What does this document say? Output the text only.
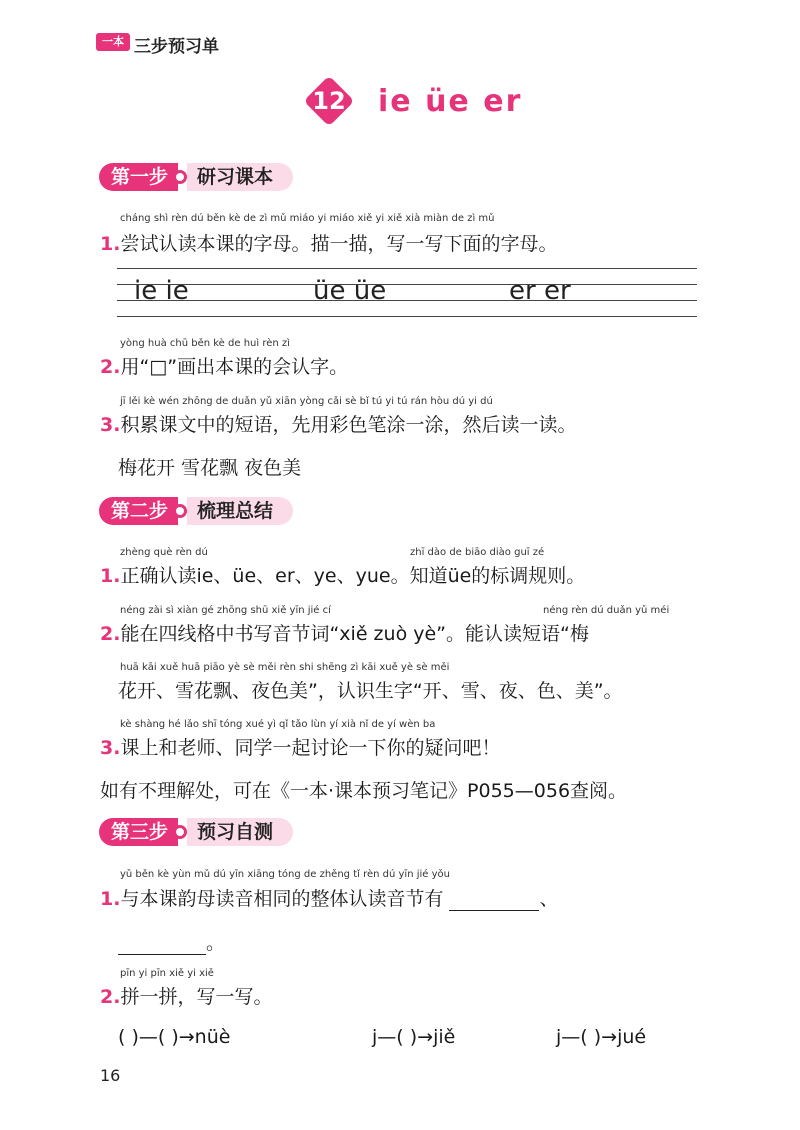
一本 三步预习单
12 ie üe er
第一步	研习课本
cháng shì rèn dú běn kè de zì mǔ miáo yi miáo xiě yi xiě xià miàn de zì mǔ
1.尝试认读本课的字母。描一描，写一写下面的字母。
ie ie	üe üe	er er
yòng huà chū běn kè de huì rèn zì
2.用“□”画出本课的会认字。
jī lěi kè wén zhōng de duǎn yǔ xiān yòng cǎi sè bǐ tú yi tú rán hòu dú yi dú
3.积累课文中的短语，先用彩色笔涂一涂，然后读一读。
梅花开 雪花飘 夜色美
第二步	梳理总结
zhèng què rèn dú	zhī dào de biāo diào guī zé
1.正确认读ie、üe、er、ye、yue。知道üe的标调规则。
néng zài sì xiàn gé zhōng shū xiě yīn jié cí	néng rèn dú duǎn yǔ méi
2.能在四线格中书写音节词“xiě zuò yè”。能认读短语“梅
huā kāi xuě huā piāo yè sè měi rèn shi shēng zì kāi xuě yè sè měi
花开、雪花飘、夜色美”，认识生字“开、雪、夜、色、美”。
kè shàng hé lǎo shī tóng xué yì qǐ tǎo lùn yí xià nǐ de yí wèn ba
3.课上和老师、同学一起讨论一下你的疑问吧！
如有不理解处，可在《一本·课本预习笔记》P055—056查阅。
第三步	预习自测
yǔ běn kè yùn mǔ dú yīn xiāng tóng de zhěng tǐ rèn dú yīn jié yǒu
1.与本课韵母读音相同的整体认读音节有	、
。
pīn yi pīn xiě yi xiě
2.拼一拼，写一写。
( )—( )→nüè	j—( )→jiě	j—( )→jué
16
